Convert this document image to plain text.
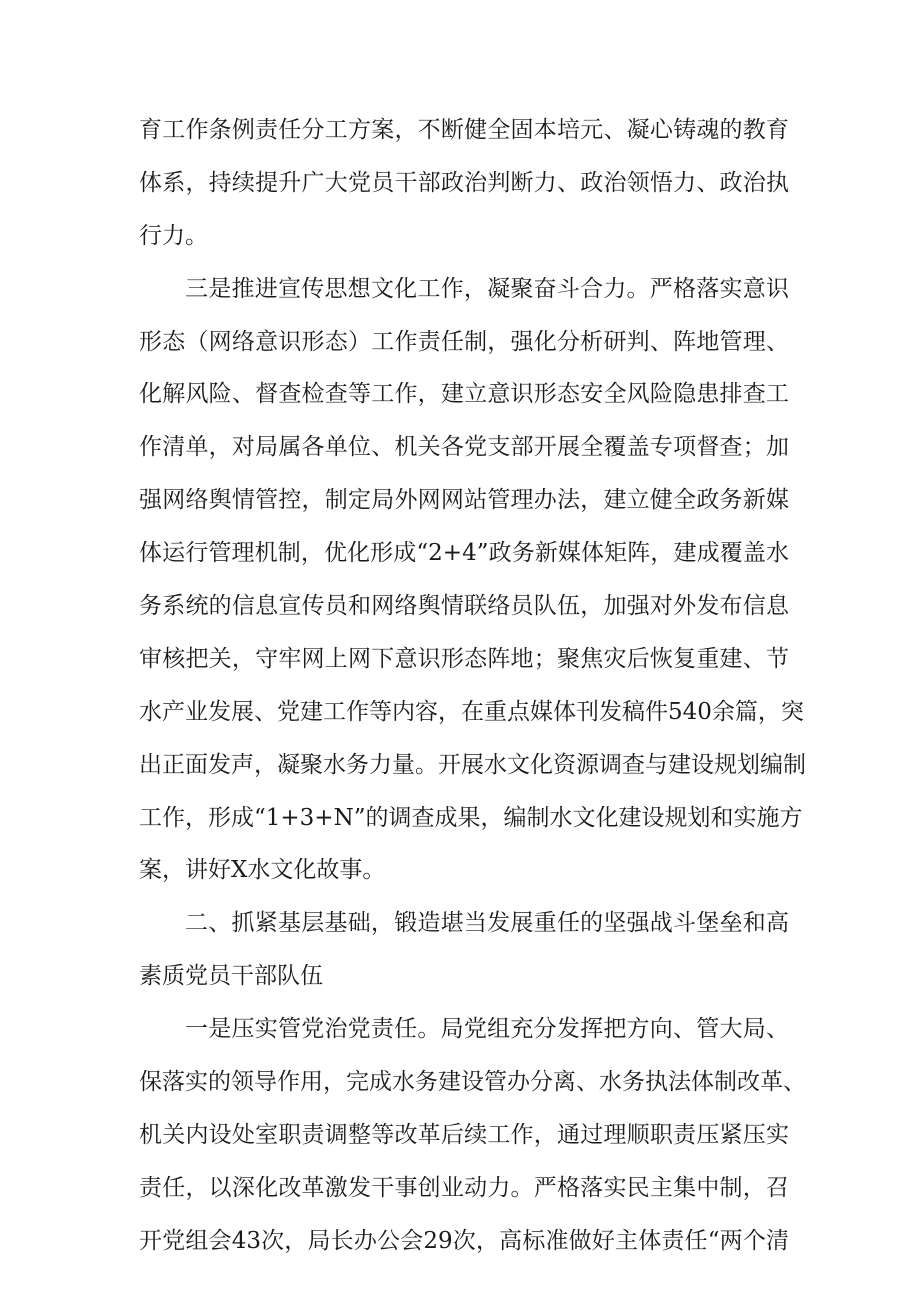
育工作条例责任分工方案，不断健全固本培元、凝心铸魂的教育
体系，持续提升广大党员干部政治判断力、政治领悟力、政治执
行力。
三是推进宣传思想文化工作，凝聚奋斗合力。严格落实意识
形态（网络意识形态）工作责任制，强化分析研判、阵地管理、
化解风险、督查检查等工作，建立意识形态安全风险隐患排查工
作清单，对局属各单位、机关各党支部开展全覆盖专项督查；加
强网络舆情管控，制定局外网网站管理办法，建立健全政务新媒
体运行管理机制，优化形成“2+4”政务新媒体矩阵，建成覆盖水
务系统的信息宣传员和网络舆情联络员队伍，加强对外发布信息
审核把关，守牢网上网下意识形态阵地；聚焦灾后恢复重建、节
水产业发展、党建工作等内容，在重点媒体刊发稿件540余篇，突
出正面发声，凝聚水务力量。开展水文化资源调查与建设规划编制
工作，形成“1+3+N”的调查成果，编制水文化建设规划和实施方
案，讲好X水文化故事。
二、抓紧基层基础，锻造堪当发展重任的坚强战斗堡垒和高
素质党员干部队伍
一是压实管党治党责任。局党组充分发挥把方向、管大局、
保落实的领导作用，完成水务建设管办分离、水务执法体制改革、
机关内设处室职责调整等改革后续工作，通过理顺职责压紧压实
责任，以深化改革激发干事创业动力。严格落实民主集中制，召
开党组会43次，局长办公会29次，高标准做好主体责任“两个清
